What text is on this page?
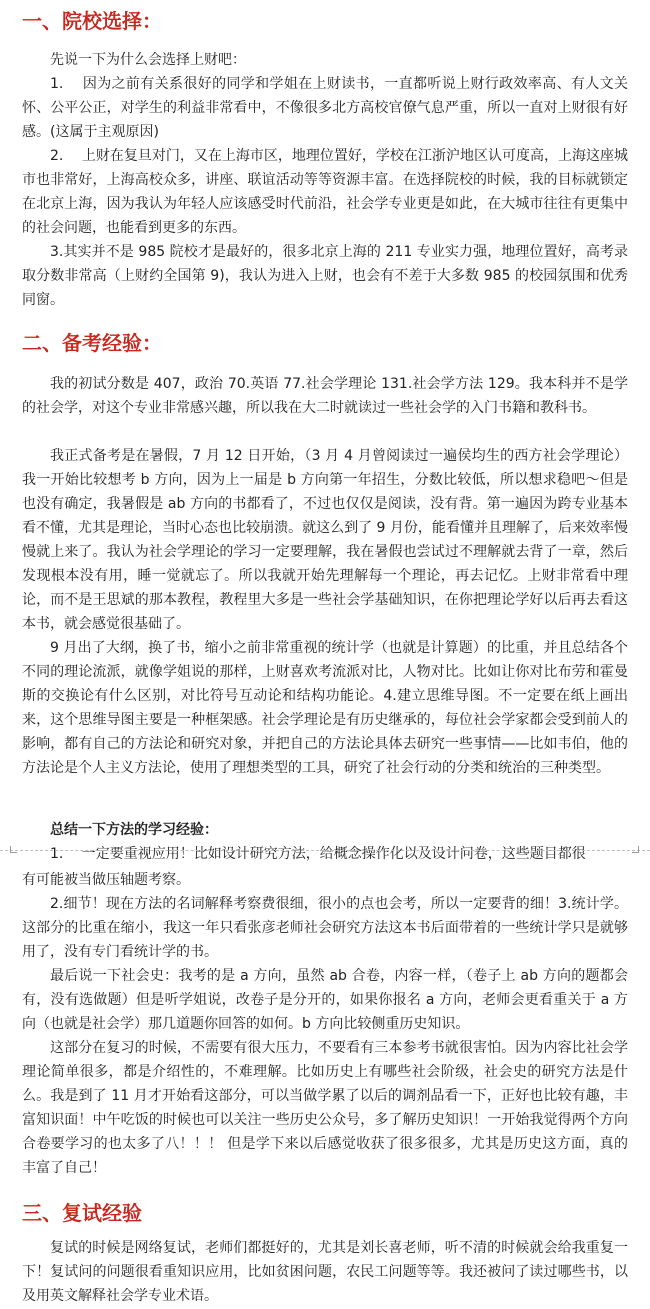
一、院校选择：

先说一下为什么会选择上财吧：

1.　 因为之前有关系很好的同学和学姐在上财读书，一直都听说上财行政效率高、有人文关怀、公平公正，对学生的利益非常看中，不像很多北方高校官僚气息严重，所以一直对上财很有好感。(这属于主观原因)

2.　 上财在复旦对门，又在上海市区，地理位置好，学校在江浙沪地区认可度高，上海这座城市也非常好，上海高校众多，讲座、联谊活动等等资源丰富。在选择院校的时候，我的目标就锁定在北京上海，因为我认为年轻人应该感受时代前沿，社会学专业更是如此，在大城市往往有更集中的社会问题，也能看到更多的东西。

3.其实并不是 985 院校才是最好的，很多北京上海的 211 专业实力强，地理位置好，高考录取分数非常高（上财约全国第 9)，我认为进入上财，也会有不差于大多数 985 的校园氛围和优秀同窗。

二、备考经验：

我的初试分数是 407，政治 70.英语 77.社会学理论 131.社会学方法 129。我本科并不是学的社会学，对这个专业非常感兴趣，所以我在大二时就读过一些社会学的入门书籍和教科书。

我正式备考是在暑假，7 月 12 日开始，（3 月 4 月曾阅读过一遍侯均生的西方社会学理论）我一开始比较想考 b 方向，因为上一届是 b 方向第一年招生，分数比较低，所以想求稳吧～但是也没有确定，我暑假是 ab 方向的书都看了，不过也仅仅是阅读，没有背。第一遍因为跨专业基本看不懂，尤其是理论，当时心态也比较崩溃。就这么到了 9 月份，能看懂并且理解了，后来效率慢慢就上来了。我认为社会学理论的学习一定要理解，我在暑假也尝试过不理解就去背了一章，然后发现根本没有用，睡一觉就忘了。所以我就开始先理解每一个理论，再去记忆。上财非常看中理论，而不是王思斌的那本教程，教程里大多是一些社会学基础知识，在你把理论学好以后再去看这本书，就会感觉很基础了。

9 月出了大纲，换了书，缩小之前非常重视的统计学（也就是计算题）的比重，并且总结各个不同的理论流派，就像学姐说的那样，上财喜欢考流派对比，人物对比。比如让你对比布劳和霍曼斯的交换论有什么区别，对比符号互动论和结构功能论。4.建立思维导图。不一定要在纸上画出来，这个思维导图主要是一种框架感。社会学理论是有历史继承的，每位社会学家都会受到前人的影响，都有自己的方法论和研究对象，并把自己的方法论具体去研究一些事情——比如韦伯，他的方法论是个人主义方法论，使用了理想类型的工具，研究了社会行动的分类和统治的三种类型。

总结一下方法的学习经验：

1.　 一定要重视应用！比如设计研究方法，给概念操作化以及设计问卷，这些题目都很

有可能被当做压轴题考察。

2.细节！现在方法的名词解释考察费很细，很小的点也会考，所以一定要背的细！3.统计学。这部分的比重在缩小，我这一年只看张彦老师社会研究方法这本书后面带着的一些统计学只是就够用了，没有专门看统计学的书。

最后说一下社会史：我考的是 a 方向，虽然 ab 合卷，内容一样，（卷子上 ab 方向的题都会有，没有选做题）但是听学姐说，改卷子是分开的，如果你报名 a 方向，老师会更看重关于 a 方向（也就是社会学）那几道题你回答的如何。b 方向比较侧重历史知识。

这部分在复习的时候，不需要有很大压力，不要看有三本参考书就很害怕。因为内容比社会学理论简单很多，都是介绍性的，不难理解。比如历史上有哪些社会阶级，社会史的研究方法是什么。我是到了 11 月才开始看这部分，可以当做学累了以后的调剂品看一下，正好也比较有趣，丰富知识面！中午吃饭的时候也可以关注一些历史公众号，多了解历史知识！一开始我觉得两个方向合卷要学习的也太多了八！！！ 但是学下来以后感觉收获了很多很多，尤其是历史这方面，真的丰富了自己！

三、复试经验

复试的时候是网络复试，老师们都挺好的，尤其是刘长喜老师，听不清的时候就会给我重复一下！复试问的问题很看重知识应用，比如贫困问题，农民工问题等等。我还被问了读过哪些书，以及用英文解释社会学专业术语。
